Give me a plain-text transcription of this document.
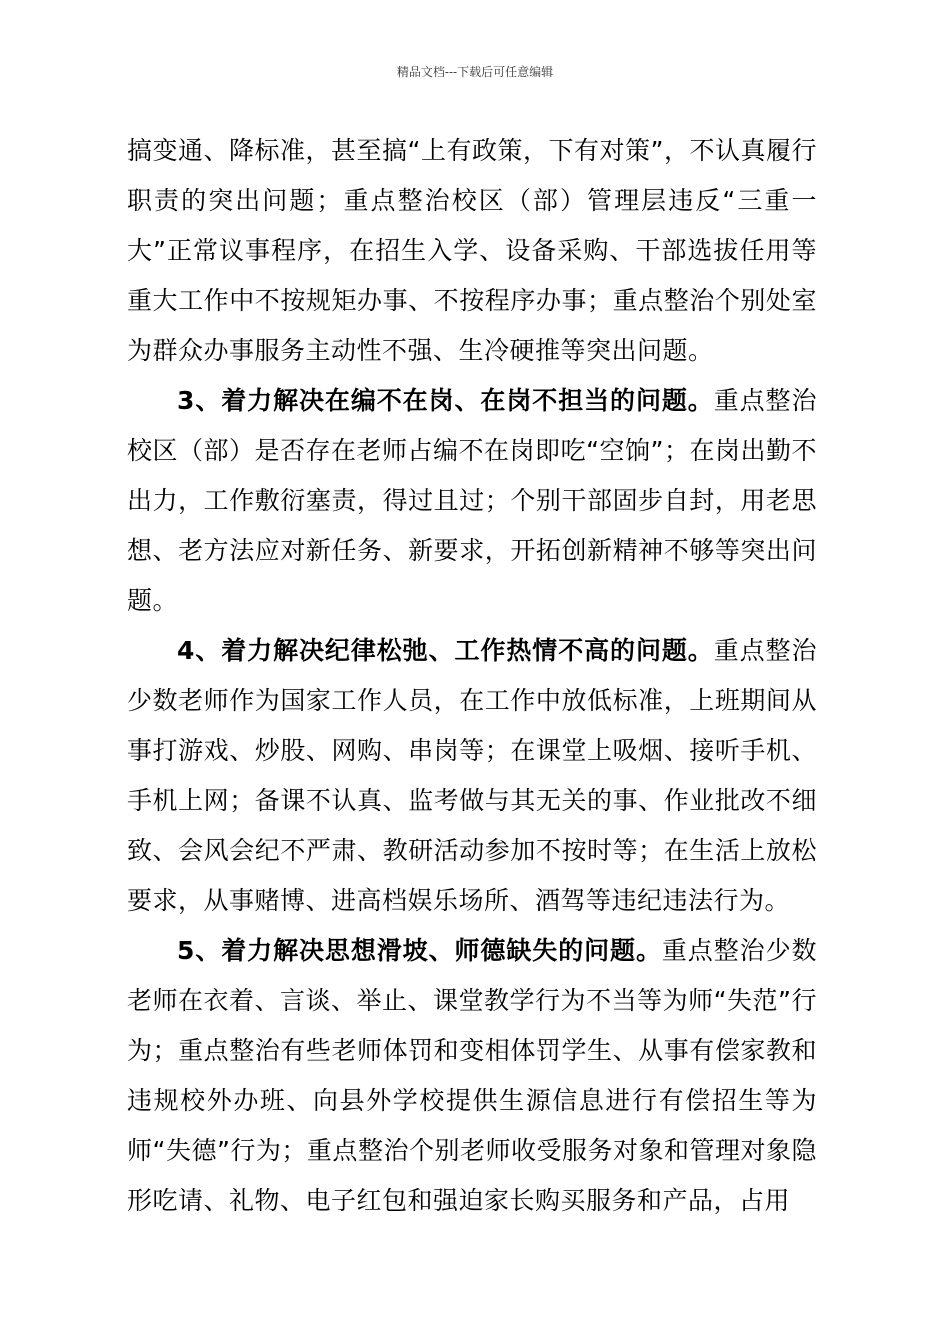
精品文档---下载后可任意编辑

搞变通、降标准，甚至搞“上有政策，下有对策”，不认真履行职责的突出问题；重点整治校区（部）管理层违反“三重一大”正常议事程序，在招生入学、设备采购、干部选拔任用等重大工作中不按规矩办事、不按程序办事；重点整治个别处室为群众办事服务主动性不强、生冷硬推等突出问题。

3、着力解决在编不在岗、在岗不担当的问题。重点整治校区（部）是否存在老师占编不在岗即吃“空饷”；在岗出勤不出力，工作敷衍塞责，得过且过；个别干部固步自封，用老思想、老方法应对新任务、新要求，开拓创新精神不够等突出问题。

4、着力解决纪律松弛、工作热情不高的问题。重点整治少数老师作为国家工作人员，在工作中放低标准，上班期间从事打游戏、炒股、网购、串岗等；在课堂上吸烟、接听手机、手机上网；备课不认真、监考做与其无关的事、作业批改不细致、会风会纪不严肃、教研活动参加不按时等；在生活上放松要求，从事赌博、进高档娱乐场所、酒驾等违纪违法行为。

5、着力解决思想滑坡、师德缺失的问题。重点整治少数老师在衣着、言谈、举止、课堂教学行为不当等为师“失范”行为；重点整治有些老师体罚和变相体罚学生、从事有偿家教和违规校外办班、向县外学校提供生源信息进行有偿招生等为师“失德”行为；重点整治个别老师收受服务对象和管理对象隐形吃请、礼物、电子红包和强迫家长购买服务和产品，占用
